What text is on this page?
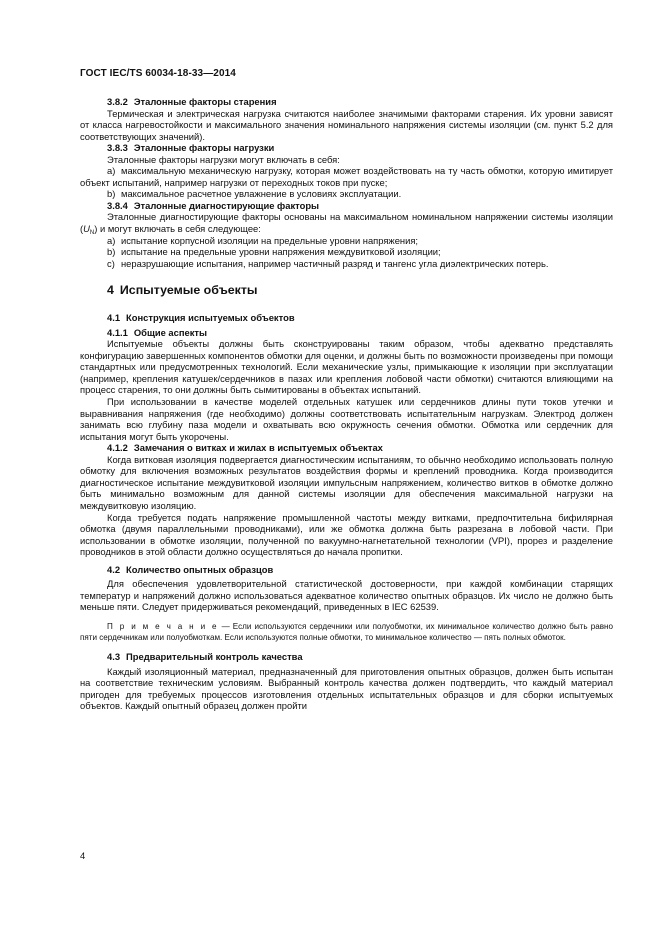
ГОСТ IEC/TS 60034-18-33—2014
3.8.2 Эталонные факторы старения

Термическая и электрическая нагрузка считаются наиболее значимыми факторами старения. Их уровни зависят от класса нагревостойкости и максимального значения номинального напряжения системы изоляции (см. пункт 5.2 для соответствующих значений).

3.8.3 Эталонные факторы нагрузки

Эталонные факторы нагрузки могут включать в себя:

a) максимальную механическую нагрузку, которая может воздействовать на ту часть обмотки, которую имитирует объект испытаний, например нагрузки от переходных токов при пуске;

b) максимальное расчетное увлажнение в условиях эксплуатации.

3.8.4 Эталонные диагностирующие факторы

Эталонные диагностирующие факторы основаны на максимальном номинальном напряжении системы изоляции $(U_N)$ и могут включать в себя следующее:

a) испытание корпусной изоляции на предельные уровни напряжения;

b) испытание на предельные уровни напряжения междувитковой изоляции;

c) неразрушающие испытания, например частичный разряд и тангенс угла диэлектрических потерь.

4 Испытуемые объекты
4.1 Конструкция испытуемых объектов
4.1.1 Общие аспекты

Испытуемые объекты должны быть сконструированы таким образом, чтобы адекватно представлять конфигурацию завершенных компонентов обмотки для оценки, и должны быть по возможности произведены при помощи стандартных или предусмотренных технологий. Если механические узлы, примыкающие к изоляции при эксплуатации (например, крепления катушек/сердечников в пазах или крепления лобовой части обмотки) считаются влияющими на процесс старения, то они должны быть сымитированы в объектах испытаний.

При использовании в качестве моделей отдельных катушек или сердечников длины пути токов утечки и выравнивания напряжения (где необходимо) должны соответствовать испытательным нагрузкам. Электрод должен занимать всю глубину паза модели и охватывать всю окружность сечения обмотки. Обмотка или сердечник для испытания могут быть укорочены.

4.1.2 Замечания о витках и жилах в испытуемых объектах

Когда витковая изоляция подвергается диагностическим испытаниям, то обычно необходимо использовать полную обмотку для включения возможных результатов воздействия формы и креплений проводника. Когда производится диагностическое испытание междувитковой изоляции импульсным напряжением, количество витков в обмотке должно быть минимально возможным для данной системы изоляции для обеспечения максимальной нагрузки на междувитковую изоляцию.

Когда требуется подать напряжение промышленной частоты между витками, предпочтительна бифилярная обмотка (двумя параллельными проводниками), или же обмотка должна быть разрезана в лобовой части. При использовании в обмотке изоляции, полученной по вакуумно-нагнетательной технологии (VPI), прорез и разделение проводников в этой области должно осуществляться до начала пропитки.

4.2 Количество опытных образцов

Для обеспечения удовлетворительной статистической достоверности, при каждой комбинации старящих температур и напряжений должно использоваться адекватное количество опытных образцов. Их число не должно быть меньше пяти. Следует придерживаться рекомендаций, приведенных в IEC 62539.

П р и м е ч а н и е — Если используются сердечники или полуобмотки, их минимальное количество должно быть равно пяти сердечникам или полуобмоткам. Если используются полные обмотки, то минимальное количество — пять полных обмоток.

4.3 Предварительный контроль качества

Каждый изоляционный материал, предназначенный для приготовления опытных образцов, должен быть испытан на соответствие техническим условиям. Выбранный контроль качества должен подтвердить, что каждый материал пригоден для требуемых процессов изготовления отдельных испытательных образцов и для сборки испытуемых объектов. Каждый опытный образец должен пройти

4
